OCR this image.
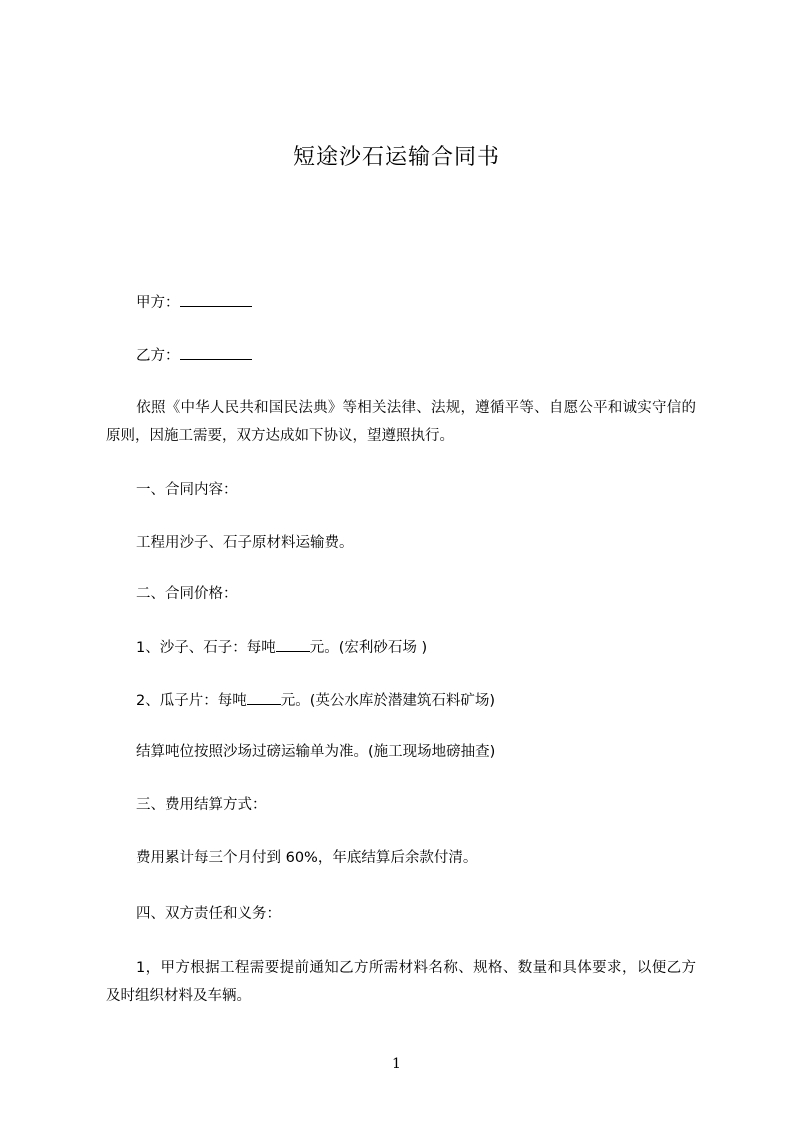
短途沙石运输合同书
甲方：
乙方：
依照《中华人民共和国民法典》等相关法律、法规，遵循平等、自愿公平和诚实守信的原则，因施工需要，双方达成如下协议，望遵照执行。
一、合同内容：
工程用沙子、石子原材料运输费。
二、合同价格：
1、沙子、石子：每吨 元。(宏利砂石场 )
2、瓜子片：每吨 元。(英公水库於潜建筑石料矿场)
结算吨位按照沙场过磅运输单为准。(施工现场地磅抽查)
三、费用结算方式：
费用累计每三个月付到 60%，年底结算后余款付清。
四、双方责任和义务：
1，甲方根据工程需要提前通知乙方所需材料名称、规格、数量和具体要求，以便乙方及时组织材料及车辆。
1
